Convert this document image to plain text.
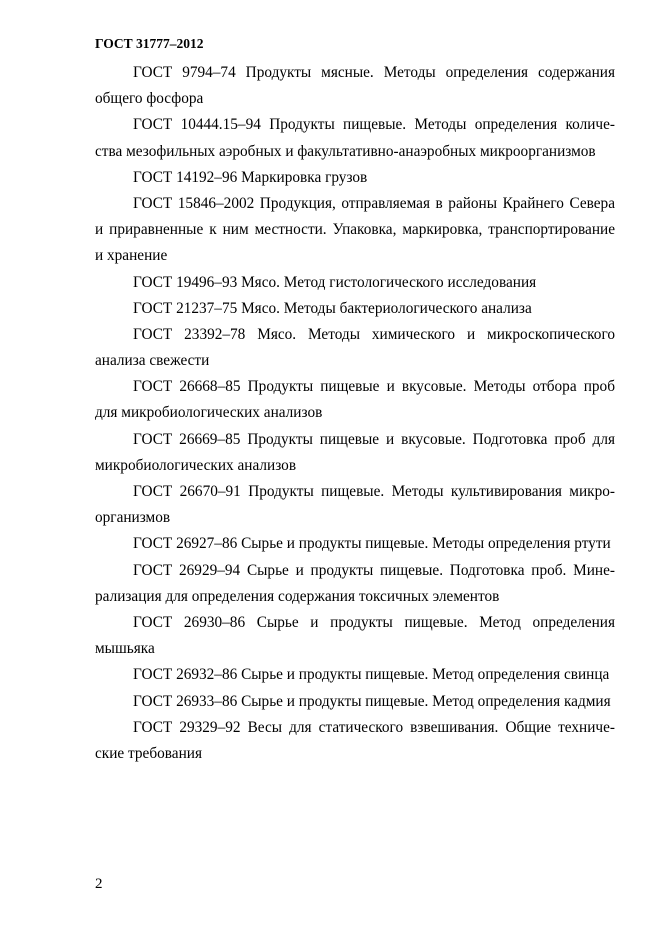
ГОСТ 31777–2012
ГОСТ 9794–74 Продукты мясные. Методы определения содержания
общего фосфора
ГОСТ 10444.15–94 Продукты пищевые. Методы определения количе-
ства мезофильных аэробных и факультативно-анаэробных микроорганизмов
ГОСТ 14192–96 Маркировка грузов
ГОСТ 15846–2002 Продукция, отправляемая в районы Крайнего Севера
и приравненные к ним местности. Упаковка, маркировка, транспортирование
и хранение
ГОСТ 19496–93 Мясо. Метод гистологического исследования
ГОСТ 21237–75 Мясо. Методы бактериологического анализа
ГОСТ 23392–78 Мясо. Методы химического и микроскопического
анализа свежести
ГОСТ 26668–85 Продукты пищевые и вкусовые. Методы отбора проб
для микробиологических анализов
ГОСТ 26669–85 Продукты пищевые и вкусовые. Подготовка проб для
микробиологических анализов
ГОСТ 26670–91 Продукты пищевые. Методы культивирования микро-
организмов
ГОСТ 26927–86 Сырье и продукты пищевые. Методы определения ртути
ГОСТ 26929–94 Сырье и продукты пищевые. Подготовка проб. Мине-
рализация для определения содержания токсичных элементов
ГОСТ 26930–86 Сырье и продукты пищевые. Метод определения
мышьяка
ГОСТ 26932–86 Сырье и продукты пищевые. Метод определения свинца
ГОСТ 26933–86 Сырье и продукты пищевые. Метод определения кадмия
ГОСТ 29329–92 Весы для статического взвешивания. Общие техниче-
ские требования
2
